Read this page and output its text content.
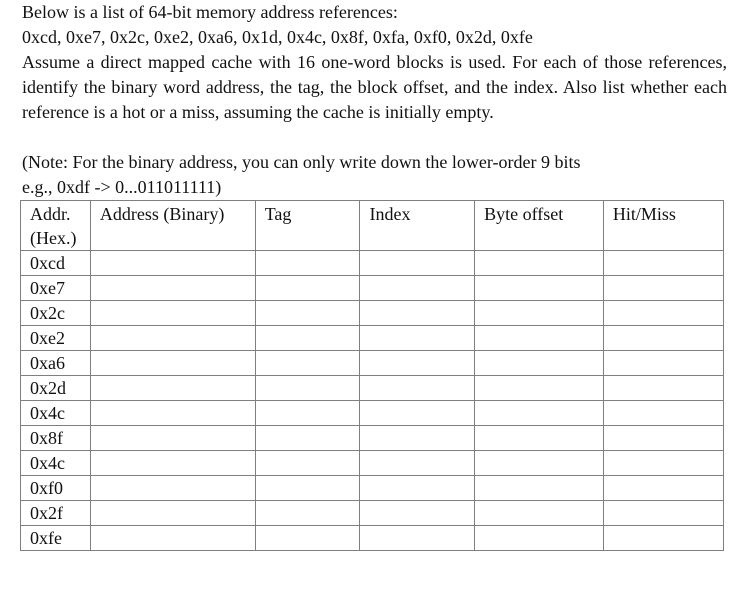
Below is a list of 64-bit memory address references:

0xcd, 0xe7, 0x2c, 0xe2, 0xa6, 0x1d, 0x4c, 0x8f, 0xfa, 0xf0, 0x2d, 0xfe

Assume a direct mapped cache with 16 one-word blocks is used. For each of those references, identify the binary word address, the tag, the block offset, and the index. Also list whether each reference is a hot or a miss, assuming the cache is initially empty.

(Note: For the binary address, you can only write down the lower-order 9 bits

e.g., 0xdf -> 0...011011111)

Addr. (Hex.)	Address (Binary)	Tag	Index	Byte offset	Hit/Miss
0xcd					
0xe7					
0x2c					
0xe2					
0xa6					
0x2d					
0x4c					
0x8f					
0x4c					
0xf0					
0x2f					
0xfe					
